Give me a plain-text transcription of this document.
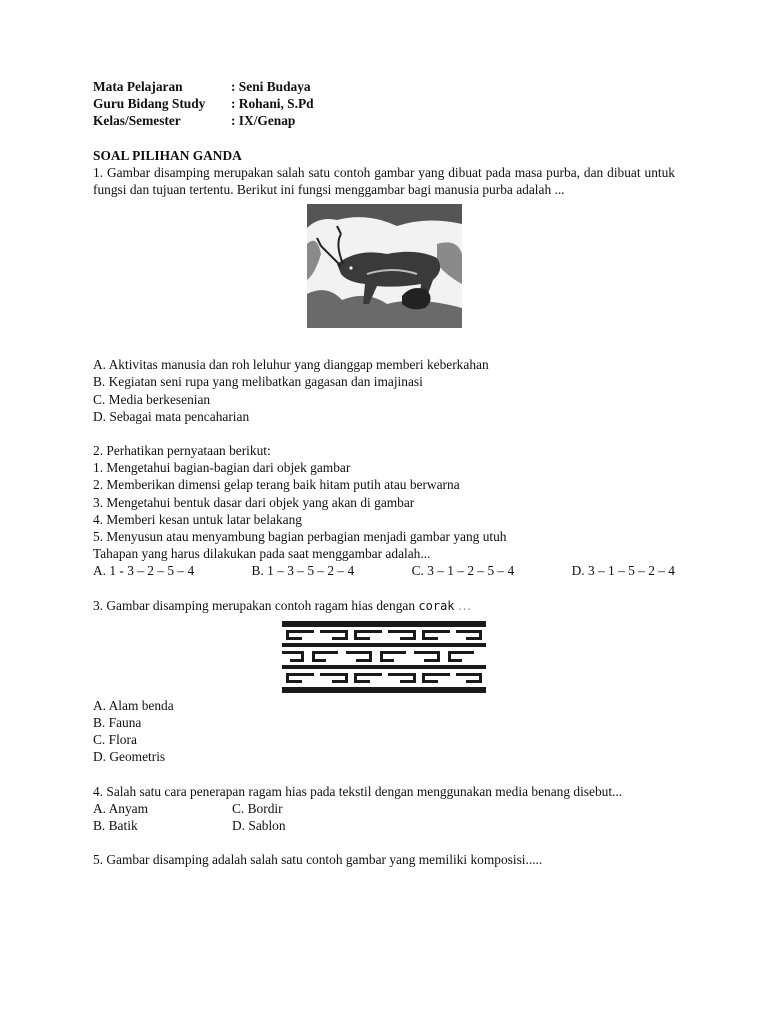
Mata Pelajaran	: Seni Budaya
Guru Bidang Study	: Rohani, S.Pd
Kelas/Semester	: IX/Genap
SOAL PILIHAN GANDA
1. Gambar disamping merupakan salah satu contoh gambar yang dibuat pada masa purba, dan dibuat untuk fungsi dan tujuan tertentu. Berikut ini fungsi menggambar bagi manusia purba adalah ...
A. Aktivitas manusia dan roh leluhur yang dianggap memberi keberkahan
B. Kegiatan seni rupa yang melibatkan gagasan dan imajinasi
C. Media berkesenian
D. Sebagai mata pencaharian
2. Perhatikan pernyataan berikut:
1. Mengetahui bagian-bagian dari objek gambar
2. Memberikan dimensi gelap terang baik hitam putih atau berwarna
3. Mengetahui bentuk dasar dari objek yang akan di gambar
4. Memberi kesan untuk latar belakang
5. Menyusun atau menyambung bagian perbagian menjadi gambar yang utuh
Tahapan yang harus dilakukan pada saat menggambar adalah...
A. 1 - 3 – 2 – 5 – 4	B. 1 – 3 – 5 – 2 – 4	C. 3 – 1 – 2 – 5 – 4	D. 3 – 1 – 5 – 2 – 4
3. Gambar disamping merupakan contoh ragam hias dengan corak …
A. Alam benda
B. Fauna
C. Flora
D. Geometris
4. Salah satu cara penerapan ragam hias pada tekstil dengan menggunakan media benang disebut...
A. Anyam	C. Bordir
B. Batik	D. Sablon
5. Gambar disamping adalah salah satu contoh gambar yang memiliki komposisi.....
